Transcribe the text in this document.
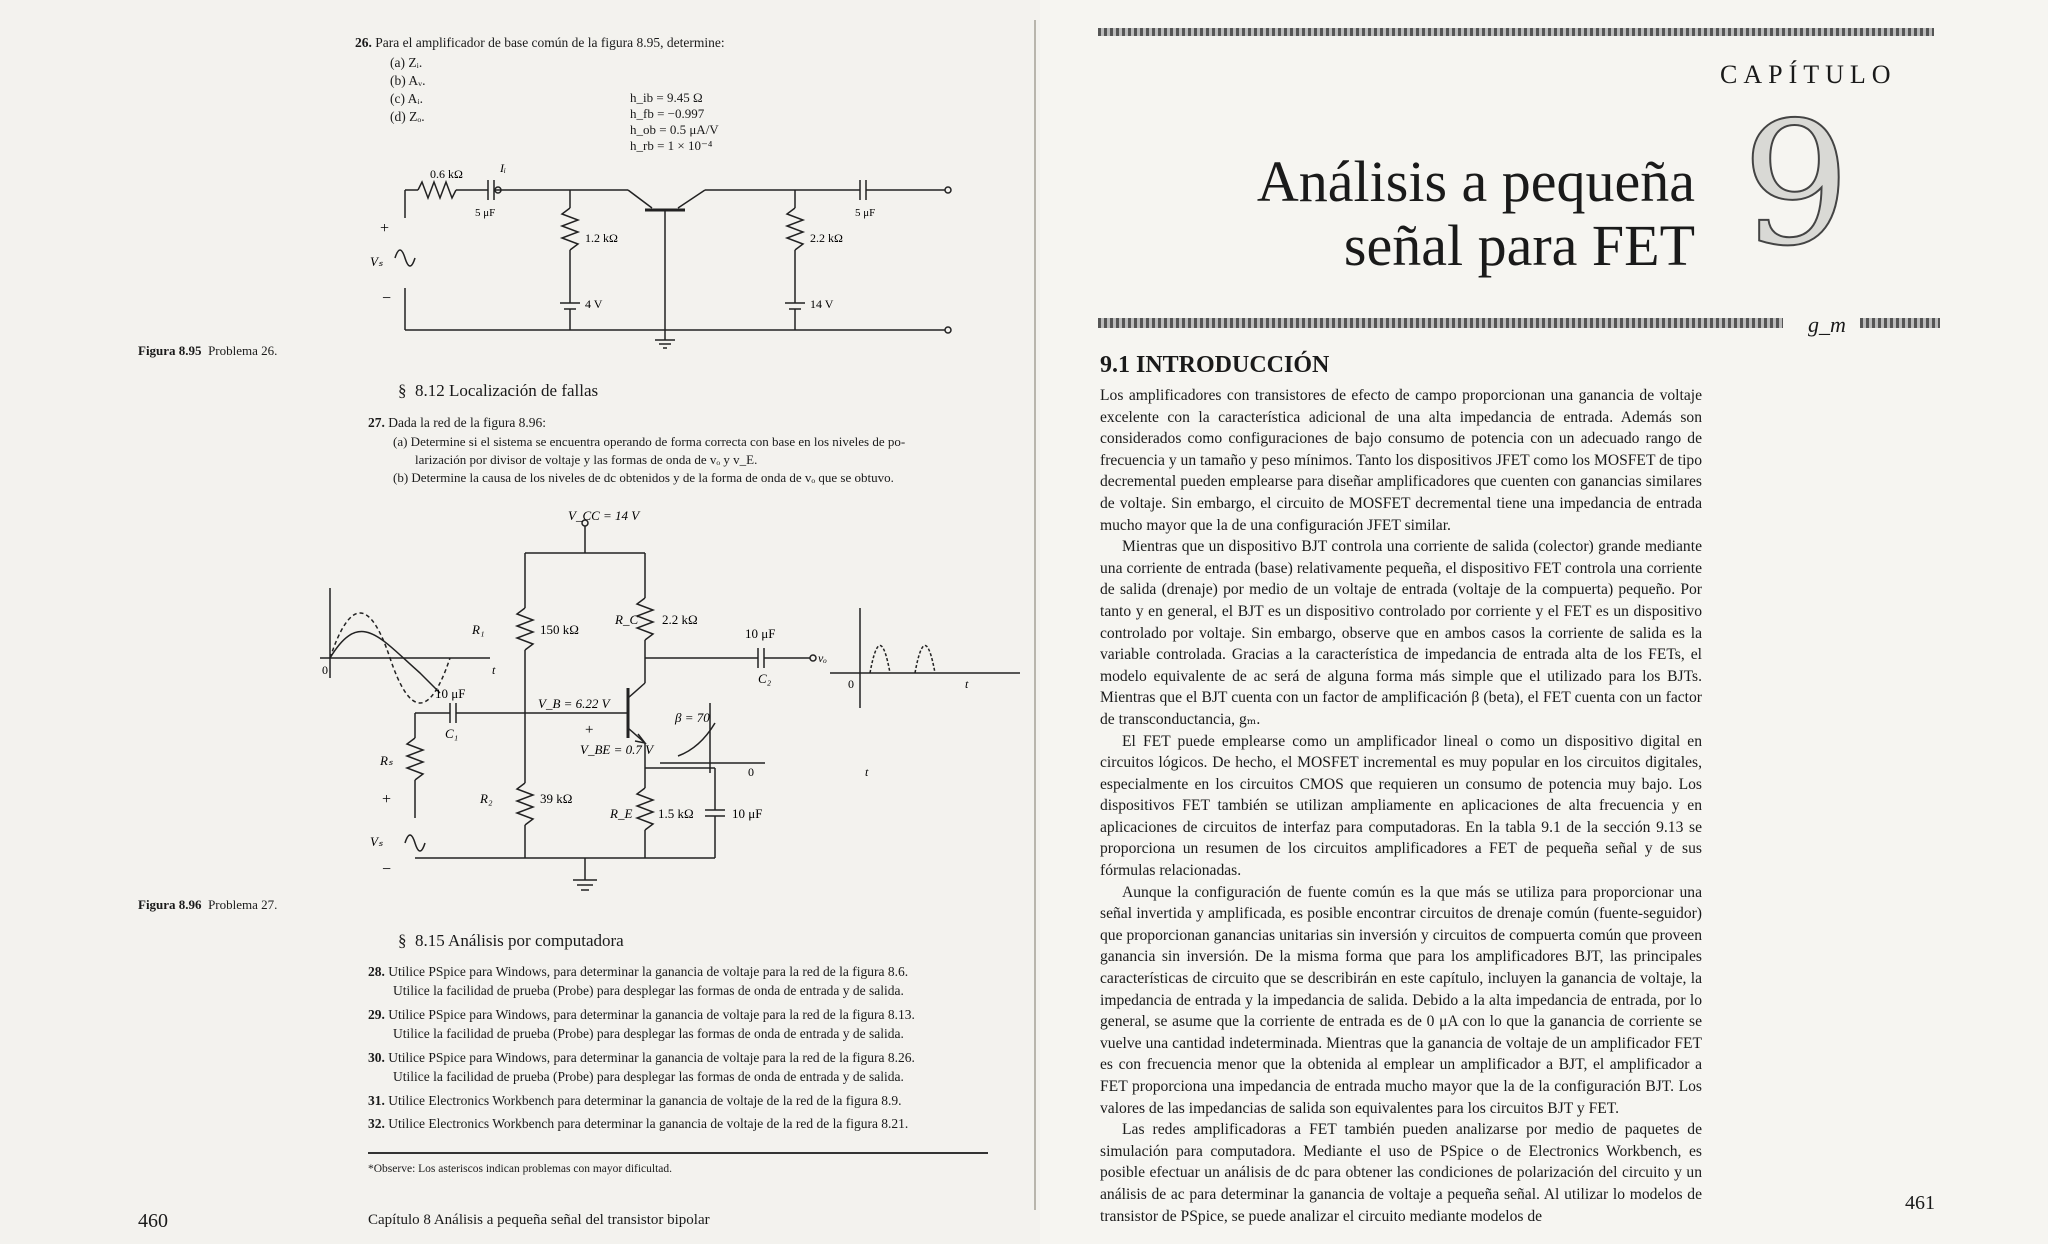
26. Para el amplificador de base común de la figura 8.95, determine:
(a) Zᵢ.
(b) Aᵥ.
(c) Aᵢ.
(d) Zₒ.
h_ib = 9.45 Ω
h_fb = −0.997
h_ob = 0.5 μA/V
h_rb = 1 × 10⁻⁴
0.6 kΩ
5 μF
Iᵢ
1.2 kΩ
4 V
2.2 kΩ
14 V
5 μF
Vₛ
+
−
Figura 8.95 Problema 26.
§ 8.12 Localización de fallas
27. Dada la red de la figura 8.96:
(a) Determine si el sistema se encuentra operando de forma correcta con base en los niveles de po-
larización por divisor de voltaje y las formas de onda de vₒ y v_E.
(b) Determine la causa de los niveles de dc obtenidos y de la forma de onda de vₒ que se obtuvo.
V_CC = 14 V
R₁	150 kΩ
R_C 2.2 kΩ
10 μF
C₂
vₒ
10 μF
C₁
V_B = 6.22 V
β = 70
V_BE = 0.7 V
+
Rₛ
R₂	39 kΩ
R_E 1.5 kΩ	10 μF
Vₛ
+
−
0	t
0	t
0	t
Figura 8.96 Problema 27.
§ 8.15 Análisis por computadora
28. Utilice PSpice para Windows, para determinar la ganancia de voltaje para la red de la figura 8.6.
Utilice la facilidad de prueba (Probe) para desplegar las formas de onda de entrada y de salida.
29. Utilice PSpice para Windows, para determinar la ganancia de voltaje para la red de la figura 8.13.
Utilice la facilidad de prueba (Probe) para desplegar las formas de onda de entrada y de salida.
30. Utilice PSpice para Windows, para determinar la ganancia de voltaje para la red de la figura 8.26.
Utilice la facilidad de prueba (Probe) para desplegar las formas de onda de entrada y de salida.
31. Utilice Electronics Workbench para determinar la ganancia de voltaje de la red de la figura 8.9.
32. Utilice Electronics Workbench para determinar la ganancia de voltaje de la red de la figura 8.21.
*Observe: Los asteriscos indican problemas con mayor dificultad.
460	Capítulo 8 Análisis a pequeña señal del transistor bipolar
CAPÍTULO
Análisis a pequeña
señal para FET 9
g_m
9.1 INTRODUCCIÓN

Los amplificadores con transistores de efecto de campo proporcionan una ganancia de voltaje excelente con la característica adicional de una alta impedancia de entrada. Además son considerados como configuraciones de bajo consumo de potencia con un adecuado rango de frecuencia y un tamaño y peso mínimos. Tanto los dispositivos JFET como los MOSFET de tipo decremental pueden emplearse para diseñar amplificadores que cuenten con ganancias similares de voltaje. Sin embargo, el circuito de MOSFET decremental tiene una impedancia de entrada mucho mayor que la de una configuración JFET similar.

Mientras que un dispositivo BJT controla una corriente de salida (colector) grande mediante una corriente de entrada (base) relativamente pequeña, el dispositivo FET controla una corriente de salida (drenaje) por medio de un voltaje de entrada (voltaje de la compuerta) pequeño. Por tanto y en general, el BJT es un dispositivo controlado por corriente y el FET es un dispositivo controlado por voltaje. Sin embargo, observe que en ambos casos la corriente de salida es la variable controlada. Gracias a la característica de impedancia de entrada alta de los FETs, el modelo equivalente de ac será de alguna forma más simple que el utilizado para los BJTs. Mientras que el BJT cuenta con un factor de amplificación β (beta), el FET cuenta con un factor de transconductancia, gₘ.

El FET puede emplearse como un amplificador lineal o como un dispositivo digital en circuitos lógicos. De hecho, el MOSFET incremental es muy popular en los circuitos digitales, especialmente en los circuitos CMOS que requieren un consumo de potencia muy bajo. Los dispositivos FET también se utilizan ampliamente en aplicaciones de alta frecuencia y en aplicaciones de circuitos de interfaz para computadoras. En la tabla 9.1 de la sección 9.13 se proporciona un resumen de los circuitos amplificadores a FET de pequeña señal y de sus fórmulas relacionadas.

Aunque la configuración de fuente común es la que más se utiliza para proporcionar una señal invertida y amplificada, es posible encontrar circuitos de drenaje común (fuente-seguidor) que proporcionan ganancias unitarias sin inversión y circuitos de compuerta común que proveen ganancia sin inversión. De la misma forma que para los amplificadores BJT, las principales características de circuito que se describirán en este capítulo, incluyen la ganancia de voltaje, la impedancia de entrada y la impedancia de salida. Debido a la alta impedancia de entrada, por lo general, se asume que la corriente de entrada es de 0 μA con lo que la ganancia de corriente se vuelve una cantidad indeterminada. Mientras que la ganancia de voltaje de un amplificador FET es con frecuencia menor que la obtenida al emplear un amplificador a BJT, el amplificador a FET proporciona una impedancia de entrada mucho mayor que la de la configuración BJT. Los valores de las impedancias de salida son equivalentes para los circuitos BJT y FET.

Las redes amplificadoras a FET también pueden analizarse por medio de paquetes de simulación para computadora. Mediante el uso de PSpice o de Electronics Workbench, es posible efectuar un análisis de dc para obtener las condiciones de polarización del circuito y un análisis de ac para determinar la ganancia de voltaje a pequeña señal. Al utilizar lo modelos de transistor de PSpice, se puede analizar el circuito mediante modelos de

461
